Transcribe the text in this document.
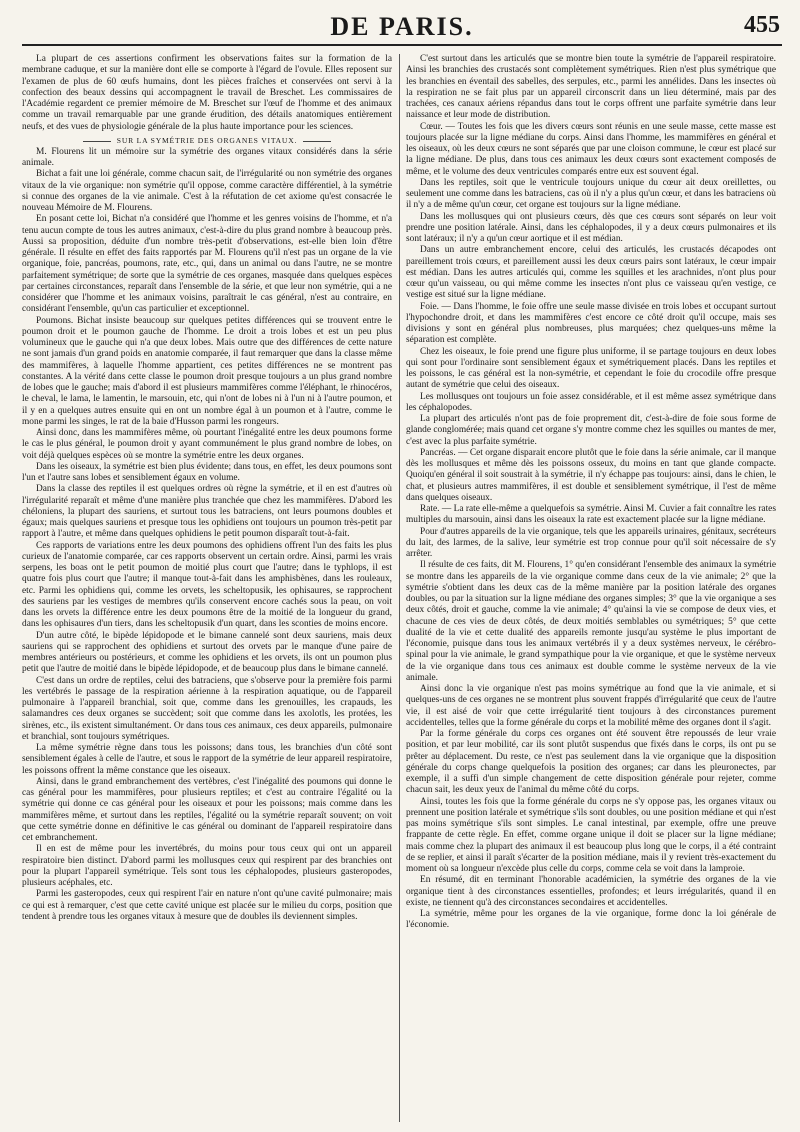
DE PARIS.	455

La plupart de ces assertions confirment les observations faites sur la formation de la membrane caduque, et sur la manière dont elle se comporte à l'égard de l'ovule. Elles reposent sur l'examen de plus de 60 œufs humains, dont les pièces fraîches et conservées ont servi à la confection des beaux dessins qui accompagnent le travail de Breschet. Les commissaires de l'Académie regardent ce premier mémoire de M. Breschet sur l'œuf de l'homme et des animaux comme un travail remarquable par une grande érudition, des détails anatomiques entièrement neufs, et des vues de physiologie générale de la plus haute importance pour les sciences.

SUR LA SYMÉTRIE DES ORGANES VITAUX.

M. Flourens lit un mémoire sur la symétrie des organes vitaux considérés dans la série animale.

Bichat a fait une loi générale, comme chacun sait, de l'irrégularité ou non symétrie des organes vitaux de la vie organique: non symétrie qu'il oppose, comme caractère différentiel, à la symétrie si connue des organes de la vie animale. C'est à la réfutation de cet axiome qu'est consacrée le nouveau Mémoire de M. Flourens.

En posant cette loi, Bichat n'a considéré que l'homme et les genres voisins de l'homme, et n'a tenu aucun compte de tous les autres animaux, c'est-à-dire du plus grand nombre à beaucoup près. Aussi sa proposition, déduite d'un nombre très-petit d'observations, est-elle bien loin d'être générale. Il résulte en effet des faits rapportés par M. Flourens qu'il n'est pas un organe de la vie organique, foie, pancréas, poumons, rate, etc., qui, dans un animal ou dans l'autre, ne se montre parfaitement symétrique; de sorte que la symétrie de ces organes, masquée dans quelques espèces par certaines circonstances, reparaît dans l'ensemble de la série, et que leur non symétrie, qui a ne considérer que l'homme et les animaux voisins, paraîtrait le cas général, n'est au contraire, en considérant l'ensemble, qu'un cas particulier et exceptionnel.

Poumons. Bichat insiste beaucoup sur quelques petites différences qui se trouvent entre le poumon droit et le poumon gauche de l'homme. Le droit a trois lobes et est un peu plus volumineux que le gauche qui n'a que deux lobes. Mais outre que des différences de cette nature ne sont jamais d'un grand poids en anatomie comparée, il faut remarquer que dans la classe même des mammifères, à laquelle l'homme appartient, ces petites différences ne se montrent pas constantes. A la vérité dans cette classe le poumon droit presque toujours a un plus grand nombre de lobes que le gauche; mais d'abord il est plusieurs mammifères comme l'éléphant, le rhinocéros, le cheval, le lama, le lamentin, le marsouin, etc, qui n'ont de lobes ni à l'un ni à l'autre poumon, et il y en a quelques autres ensuite qui en ont un nombre égal à un poumon et à l'autre, comme le mone parmi les singes, le rat de la baie d'Husson parmi les rongeurs.

Ainsi donc, dans les mammifères même, où pourtant l'inégalité entre les deux poumons forme le cas le plus général, le poumon droit y ayant communément le plus grand nombre de lobes, on voit déjà quelques espèces où se montre la symétrie entre les deux organes.

Dans les oiseaux, la symétrie est bien plus évidente; dans tous, en effet, les deux poumons sont l'un et l'autre sans lobes et sensiblement égaux en volume.

Dans la classe des reptiles il est quelques ordres où règne la symétrie, et il en est d'autres où l'irrégularité reparaît et même d'une manière plus tranchée que chez les mammifères. D'abord les chéloniens, la plupart des sauriens, et surtout tous les batraciens, ont leurs poumons doubles et égaux; mais quelques sauriens et presque tous les ophidiens ont toujours un poumon très-petit par rapport à l'autre, et même dans quelques ophidiens le petit poumon disparaît tout-à-fait.

Ces rapports de variations entre les deux poumons des ophidiens offrent l'un des faits les plus curieux de l'anatomie comparée, car ces rapports observent un certain ordre. Ainsi, parmi les vrais serpens, les boas ont le petit poumon de moitié plus court que l'autre; dans le typhlops, il est quatre fois plus court que l'autre; il manque tout-à-fait dans les amphisbènes, dans les rouleaux, etc. Parmi les ophidiens qui, comme les orvets, les scheltopusik, les ophisaures, se rapprochent des sauriens par les vestiges de membres qu'ils conservent encore cachés sous la peau, on voit dans les orvets la différence entre les deux poumons être de la moitié de la longueur du grand, dans les ophisaures d'un tiers, dans les scheltopusik d'un quart, dans les sconties de moins encore.

D'un autre côté, le bipède lépidopode et le bimane cannelé sont deux sauriens, mais deux sauriens qui se rapprochent des ophidiens et surtout des orvets par le manque d'une paire de membres antérieurs ou postérieurs, et comme les ophidiens et les orvets, ils ont un poumon plus petit que l'autre de moitié dans le bipède lépidopode, et de beaucoup plus dans le bimane cannelé.

C'est dans un ordre de reptiles, celui des batraciens, que s'observe pour la première fois parmi les vertébrés le passage de la respiration aérienne à la respiration aquatique, ou de l'appareil pulmonaire à l'appareil branchial, soit que, comme dans les grenouilles, les crapauds, les salamandres ces deux organes se succèdent; soit que comme dans les axolotls, les protées, les sirènes, etc., ils existent simultanément. Or dans tous ces animaux, ces deux appareils, pulmonaire et branchial, sont toujours symétriques.

La même symétrie règne dans tous les poissons; dans tous, les branchies d'un côté sont sensiblement égales à celle de l'autre, et sous le rapport de la symétrie de leur appareil respiratoire, les poissons offrent la même constance que les oiseaux.

Ainsi, dans le grand embranchement des vertèbres, c'est l'inégalité des poumons qui donne le cas général pour les mammifères, pour plusieurs reptiles; et c'est au contraire l'égalité ou la symétrie qui donne ce cas général pour les oiseaux et pour les poissons; mais comme dans les mammifères même, et surtout dans les reptiles, l'égalité ou la symétrie reparaît souvent; on voit que cette symétrie donne en définitive le cas général ou dominant de l'appareil respiratoire dans cet embranchement.

Il en est de même pour les invertébrés, du moins pour tous ceux qui ont un appareil respiratoire bien distinct. D'abord parmi les mollusques ceux qui respirent par des branchies ont pour la plupart l'appareil symétrique. Tels sont tous les céphalopodes, plusieurs gasteropodes, plusieurs acéphales, etc.

Parmi les gasteropodes, ceux qui respirent l'air en nature n'ont qu'une cavité pulmonaire; mais ce qui est à remarquer, c'est que cette cavité unique est placée sur le milieu du corps, position que tendent à prendre tous les organes vitaux à mesure que de doubles ils deviennent simples.

C'est surtout dans les articulés que se montre bien toute la symétrie de l'appareil respiratoire. Ainsi les branchies des crustacés sont complètement symétriques. Rien n'est plus symétrique que les branchies en éventail des sabelles, des serpules, etc., parmi les annélides. Dans les insectes où la respiration ne se fait plus par un appareil circonscrit dans un lieu déterminé, mais par des trachées, ces canaux aériens répandus dans tout le corps offrent une parfaite symétrie dans leur naissance et leur mode de distribution.

Cœur. — Toutes les fois que les divers cœurs sont réunis en une seule masse, cette masse est toujours placée sur la ligne médiane du corps. Ainsi dans l'homme, les mammifères en général et les oiseaux, où les deux cœurs ne sont séparés que par une cloison commune, le cœur est placé sur la ligne médiane. De plus, dans tous ces animaux les deux cœurs sont exactement composés de même, et le volume des deux ventricules comparés entre eux est souvent égal.

Dans les reptiles, soit que le ventricule toujours unique du cœur ait deux oreillettes, ou seulement une comme dans les batraciens, cas où il n'y a plus qu'un cœur, et dans les batraciens où il n'y a de même qu'un cœur, cet organe est toujours sur la ligne médiane.

Dans les mollusques qui ont plusieurs cœurs, dès que ces cœurs sont séparés on leur voit prendre une position latérale. Ainsi, dans les céphalopodes, il y a deux cœurs pulmonaires et ils sont latéraux; il n'y a qu'un cœur aortique et il est médian.

Dans un autre embranchement encore, celui des articulés, les crustacés décapodes ont pareillement trois cœurs, et pareillement aussi les deux cœurs pairs sont latéraux, le cœur impair est médian. Dans les autres articulés qui, comme les squilles et les arachnides, n'ont plus pour cœur qu'un vaisseau, ou qui même comme les insectes n'ont plus ce vaisseau qu'en vestige, ce vestige est situé sur la ligne médiane.

Foie. — Dans l'homme, le foie offre une seule masse divisée en trois lobes et occupant surtout l'hypochondre droit, et dans les mammifères c'est encore ce côté droit qu'il occupe, mais ses divisions y sont en général plus nombreuses, plus marquées; chez quelques-uns même la séparation est complète.

Chez les oiseaux, le foie prend une figure plus uniforme, il se partage toujours en deux lobes qui sont pour l'ordinaire sont sensiblement égaux et symétriquement placés. Dans les reptiles et les poissons, le cas général est la non-symétrie, et cependant le foie du crocodile offre presque autant de symétrie que celui des oiseaux.

Les mollusques ont toujours un foie assez considérable, et il est même assez symétrique dans les céphalopodes.

La plupart des articulés n'ont pas de foie proprement dit, c'est-à-dire de foie sous forme de glande conglomérée; mais quand cet organe s'y montre comme chez les squilles ou mantes de mer, c'est avec la plus parfaite symétrie.

Pancréas. — Cet organe disparait encore plutôt que le foie dans la série animale, car il manque dès les mollusques et même dès les poissons osseux, du moins en tant que glande compacte. Quoiqu'en général il soit soustrait à la symétrie, il n'y échappe pas toujours: ainsi, dans le chien, le chat, et plusieurs autres mammifères, il est double et sensiblement symétrique, il l'est de même dans quelques oiseaux.

Rate. — La rate elle-même a quelquefois sa symétrie. Ainsi M. Cuvier a fait connaître les rates multiples du marsouin, ainsi dans les oiseaux la rate est exactement placée sur la ligne médiane.

Pour d'autres appareils de la vie organique, tels que les appareils urinaires, génitaux, secréteurs du lait, des larmes, de la salive, leur symétrie est trop connue pour qu'il soit nécessaire de s'y arrêter.

Il résulte de ces faits, dit M. Flourens, 1° qu'en considérant l'ensemble des animaux la symétrie se montre dans les appareils de la vie organique comme dans ceux de la vie animale; 2° que la symétrie s'obtient dans les deux cas de la même manière par la position latérale des organes doubles, ou par la situation sur la ligne médiane des organes simples; 3° que la vie organique a ses deux côtés, droit et gauche, comme la vie animale; 4° qu'ainsi la vie se compose de deux vies, et chacune de ces vies de deux côtés, de deux moitiés semblables ou symétriques; 5° que cette dualité de la vie et cette dualité des appareils remonte jusqu'au système le plus important de l'économie, puisque dans tous les animaux vertébrés il y a deux systèmes nerveux, le cérébro-spinal pour la vie animale, le grand sympathique pour la vie organique, et que le système nerveux de la vie organique dans tous ces animaux est double comme le système nerveux de la vie animale.

Ainsi donc la vie organique n'est pas moins symétrique au fond que la vie animale, et si quelques-uns de ces organes ne se montrent plus souvent frappés d'irrégularité que ceux de l'autre vie, il est aisé de voir que cette irrégularité tient toujours à des circonstances purement accidentelles, telles que la forme générale du corps et la mobilité même des organes dont il s'agit.

Par la forme générale du corps ces organes ont été souvent être repoussés de leur vraie position, et par leur mobilité, car ils sont plutôt suspendus que fixés dans le corps, ils ont pu se prêter au déplacement. Du reste, ce n'est pas seulement dans la vie organique que la disposition générale du corps change quelquefois la position des organes; car dans les pleuronectes, par exemple, il a suffi d'un simple changement de cette disposition générale pour rejeter, comme chacun sait, les deux yeux de l'animal du même côté du corps.

Ainsi, toutes les fois que la forme générale du corps ne s'y oppose pas, les organes vitaux ou prennent une position latérale et symétrique s'ils sont doubles, ou une position médiane et qui n'est pas moins symétrique s'ils sont simples. Le canal intestinal, par exemple, offre une preuve frappante de cette règle. En effet, comme organe unique il doit se placer sur la ligne médiane; mais comme chez la plupart des animaux il est beaucoup plus long que le corps, il a été contraint de se replier, et ainsi il paraît s'écarter de la position médiane, mais il y revient très-exactement du moment où sa longueur n'excède plus celle du corps, comme cela se voit dans la lamproie.

En résumé, dit en terminant l'honorable académicien, la symétrie des organes de la vie organique tient à des circonstances essentielles, profondes; et leurs irrégularités, quand il en existe, ne tiennent qu'à des circonstances secondaires et accidentelles.

La symétrie, même pour les organes de la vie organique, forme donc la loi générale de l'économie.
